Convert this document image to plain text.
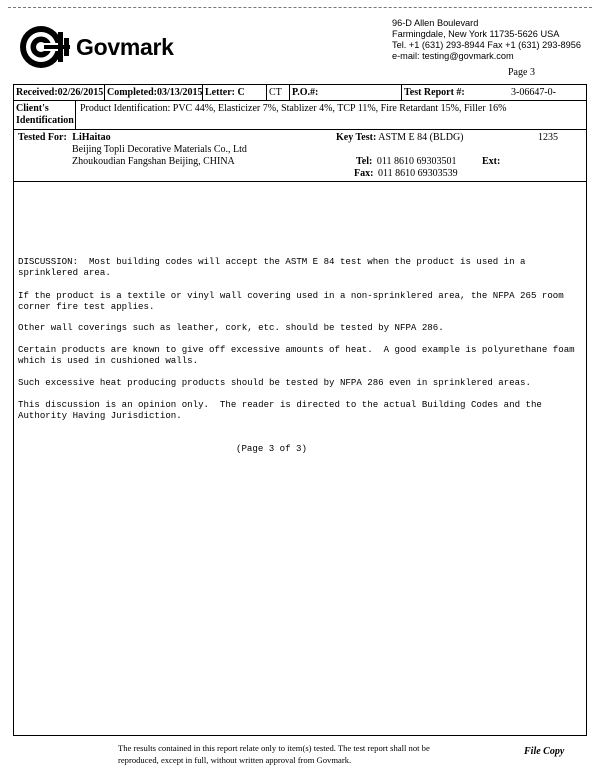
Govmark
96-D Allen Boulevard
Farmingdale, New York 11735-5626 USA
Tel. +1 (631) 293-8944 Fax +1 (631) 293-8956
e-mail: testing@govmark.com
Page 3
Received:02/26/2015 Completed:03/13/2015 Letter: C	CT	P.O.#:	Test Report #:	3-06647-0-
Client's
Identification
Product Identification: PVC 44%, Elasticizer 7%, Stablizer 4%, TCP 11%, Fire Retardant 15%, Filler 16%
Tested For: LiHaitao
Beijing Topli Decorative Materials Co., Ltd
Zhoukoudian Fangshan Beijing, CHINA
Key Test: ASTM E 84 (BLDG)	1235
Tel: 011 8610 69303501	Ext:
Fax: 011 8610 69303539
DISCUSSION:  Most building codes will accept the ASTM E 84 test when the product is used in a
sprinklered area.
If the product is a textile or vinyl wall covering used in a non-sprinklered area, the NFPA 265 room
corner fire test applies.
Other wall coverings such as leather, cork, etc. should be tested by NFPA 286.
Certain products are known to give off excessive amounts of heat.  A good example is polyurethane foam
which is used in cushioned walls.
Such excessive heat producing products should be tested by NFPA 286 even in sprinklered areas.
This discussion is an opinion only.  The reader is directed to the actual Building Codes and the
Authority Having Jurisdiction.
(Page 3 of 3)
The results contained in this report relate only to item(s) tested. The test report shall not be
reproduced, except in full, without written approval from Govmark.
File Copy
